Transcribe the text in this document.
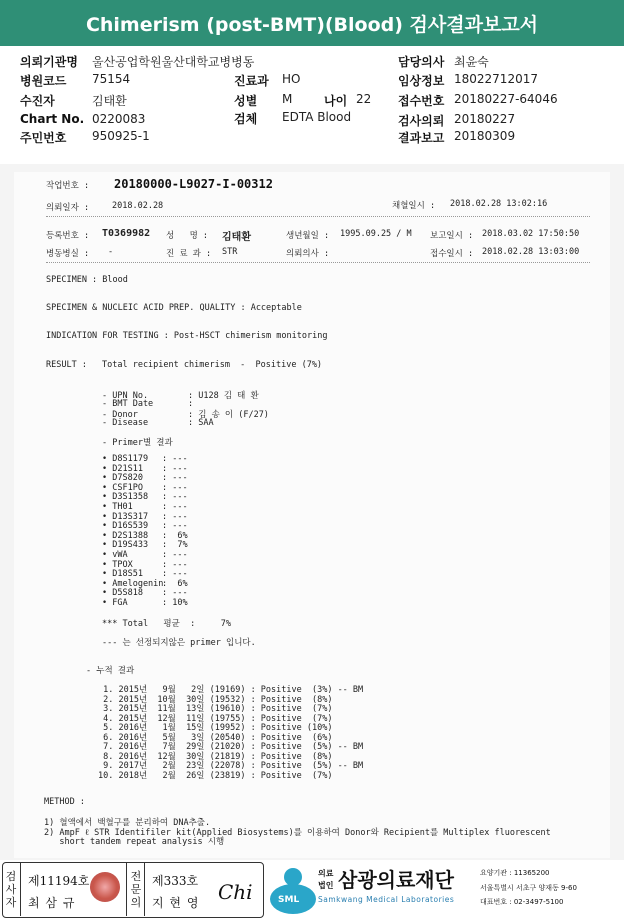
Chimerism (post-BMT)(Blood) 검사결과보고서
의뢰기관명 울산공업학원울산대학교병병동	담당의사 최윤숙
병원코드 75154	진료과 HO	임상정보 18022712017
수진자	김태환	성별 M	나이 22 접수번호 20180227-64046
Chart No. 0220083	검체 EDTA Blood	검사의뢰 20180227
주민번호 950925-1	결과보고 20180309
작업번호 : 20180000-L9027-I-00312
의뢰일자 :	2018.02.28	채혈일시 : 2018.02.28 13:02:16
등록번호 : T0369982 성   명 : 김태환	생년월일 : 1995.09.25 / M 보고일시 : 2018.03.02 17:50:50
병동병실 : -	진 료 과 : STR	의뢰의사 :	접수일시 : 2018.02.28 13:03:00
SPECIMEN : Blood
SPECIMEN & NUCLEIC ACID PREP. QUALITY : Acceptable
INDICATION FOR TESTING : Post-HSCT chimerism monitoring
RESULT : Total recipient chimerism  -  Positive (7%)
- UPN No.	: U128 김 태 환
- BMT Date	:
- Donor	: 김 송 이 (F/27)
- Disease	: SAA
- Primer별 결과
• D8S1179 : ---
• D21S11 : ---
• D7S820 : ---
• CSF1PO : ---
• D3S1358 : ---
• TH01	: ---
• D13S317 : ---
• D16S539 : ---
• D2S1388 :  6%
• D19S433 :  7%
• vWA	: ---
• TPOX	: ---
• D18S51 : ---
• Amelogenin:  6%
• D5S818 : ---
• FGA	: 10%
*** Total   평균  :     7%
--- 는 선정되지않은 primer 입니다.
- 누적 결과
1. 2015년   9월   2일 (19169) : Positive  (3%) -- BM
2. 2015년  10월  30일 (19532) : Positive  (8%)
3. 2015년  11월  13일 (19610) : Positive  (7%)
4. 2015년  12월  11일 (19755) : Positive  (7%)
5. 2016년   1월  15일 (19952) : Positive (10%)
6. 2016년   5월   3일 (20540) : Positive  (6%)
7. 2016년   7월  29일 (21020) : Positive  (5%) -- BM
8. 2016년  12월  30일 (21819) : Positive  (8%)
9. 2017년   2월  23일 (22078) : Positive  (5%) -- BM
10. 2018년   2월  26일 (23819) : Positive  (7%)
METHOD :
1) 혈액에서 백혈구를 분리하여 DNA추출.
2) AmpF ℓ STR Identifiler kit(Applied Biosystems)를 이용하여 Donor와 Recipient를 Multiplex fluorescent
short tandem repeat analysis 시행
검사자
제11194호
최 삼 규
전문의
제333호
지 현 영 Chi	SML
의료
법인 삼광의료재단
Samkwang Medical Laboratories
요양기관 : 11365200
서울특별시 서초구 양재동 9-60
대표번호 : 02-3497-5100
